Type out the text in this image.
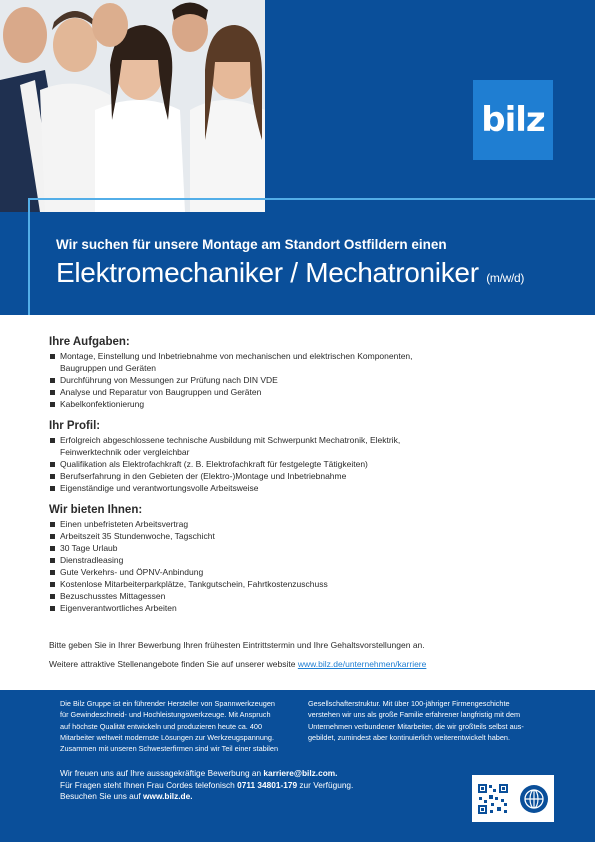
bilz
Wir suchen für unsere Montage am Standort Ostfildern einen
Elektromechaniker / Mechatroniker (m/w/d)
Ihre Aufgaben:
Montage, Einstellung und Inbetriebnahme von mechanischen und elektrischen Komponenten,
Baugruppen und Geräten
Durchführung von Messungen zur Prüfung nach DIN VDE
Analyse und Reparatur von Baugruppen und Geräten
Kabelkonfektionierung
Ihr Profil:
Erfolgreich abgeschlossene technische Ausbildung mit Schwerpunkt Mechatronik, Elektrik,
Feinwerktechnik oder vergleichbar
Qualifikation als Elektrofachkraft (z. B. Elektrofachkraft für festgelegte Tätigkeiten)
Berufserfahrung in den Gebieten der (Elektro-)Montage und Inbetriebnahme
Eigenständige und verantwortungsvolle Arbeitsweise
Wir bieten Ihnen:
Einen unbefristeten Arbeitsvertrag
Arbeitszeit 35 Stundenwoche, Tagschicht
30 Tage Urlaub
Dienstradleasing
Gute Verkehrs- und ÖPNV-Anbindung
Kostenlose Mitarbeiterparkplätze, Tankgutschein, Fahrtkostenzuschuss
Bezuschusstes Mittagessen
Eigenverantwortliches Arbeiten
Bitte geben Sie in Ihrer Bewerbung Ihren frühesten Eintrittstermin und Ihre Gehaltsvorstellungen an.
Weitere attraktive Stellenangebote finden Sie auf unserer website www.bilz.de/unternehmen/karriere
Die Bilz Gruppe ist ein führender Hersteller von Spannwerkzeugen
für Gewindeschneid- und Hochleistungswerkzeuge. Mit Anspruch
auf höchste Qualität entwickeln und produzieren heute ca. 400
Mitarbeiter weltweit modernste Lösungen zur Werkzeugspannung.
Zusammen mit unseren Schwesterfirmen sind wir Teil einer stabilen
Gesellschafterstruktur. Mit über 100-jähriger Firmengeschichte
verstehen wir uns als große Familie erfahrener langfristig mit dem
Unternehmen verbundener Mitarbeiter, die wir großteils selbst aus-
gebildet, zumindest aber kontinuierlich weiterentwickelt haben.
Wir freuen uns auf Ihre aussagekräftige Bewerbung an karriere@bilz.com.
Für Fragen steht Ihnen Frau Cordes telefonisch 0711 34801-179 zur Verfügung.
Besuchen Sie uns auf www.bilz.de.
